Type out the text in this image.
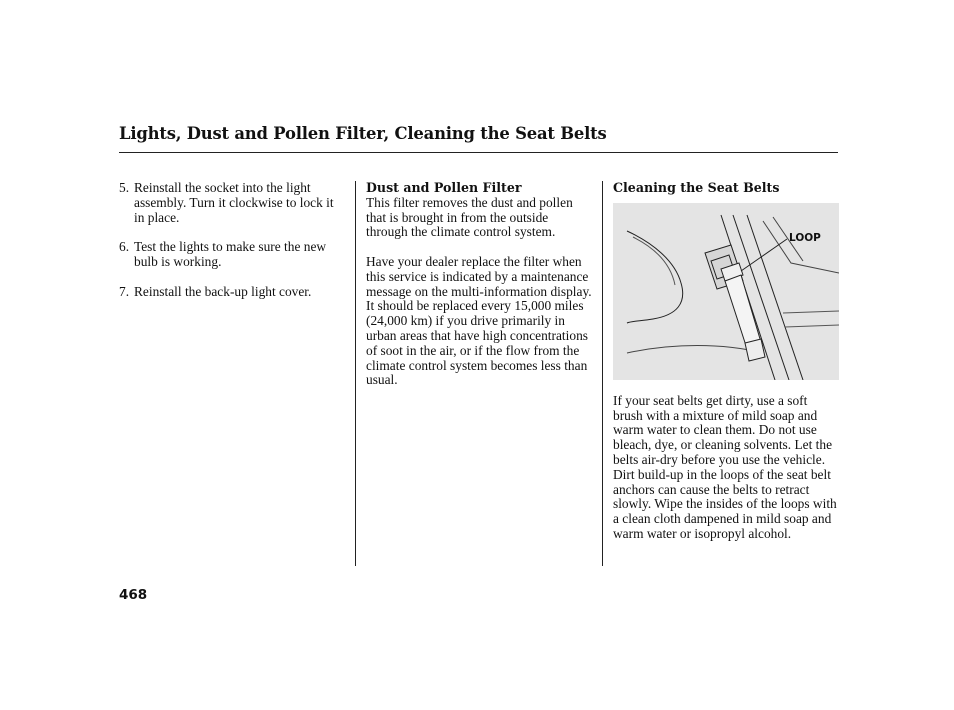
Lights, Dust and Pollen Filter, Cleaning the Seat Belts
5. Reinstall the socket into the light assembly. Turn it clockwise to lock it in place.
6. Test the lights to make sure the new bulb is working.
7. Reinstall the back-up light cover.
Dust and Pollen Filter

This filter removes the dust and pollen that is brought in from the outside through the climate control system.

Have your dealer replace the filter when this service is indicated by a maintenance message on the multi-information display. It should be replaced every 15,000 miles (24,000 km) if you drive primarily in urban areas that have high concentrations of soot in the air, or if the flow from the climate control system becomes less than usual.

Cleaning the Seat Belts
LOOP

If your seat belts get dirty, use a soft brush with a mixture of mild soap and warm water to clean them. Do not use bleach, dye, or cleaning solvents. Let the belts air-dry before you use the vehicle.

Dirt build-up in the loops of the seat belt anchors can cause the belts to retract slowly. Wipe the insides of the loops with a clean cloth dampened in mild soap and warm water or isopropyl alcohol.

468
